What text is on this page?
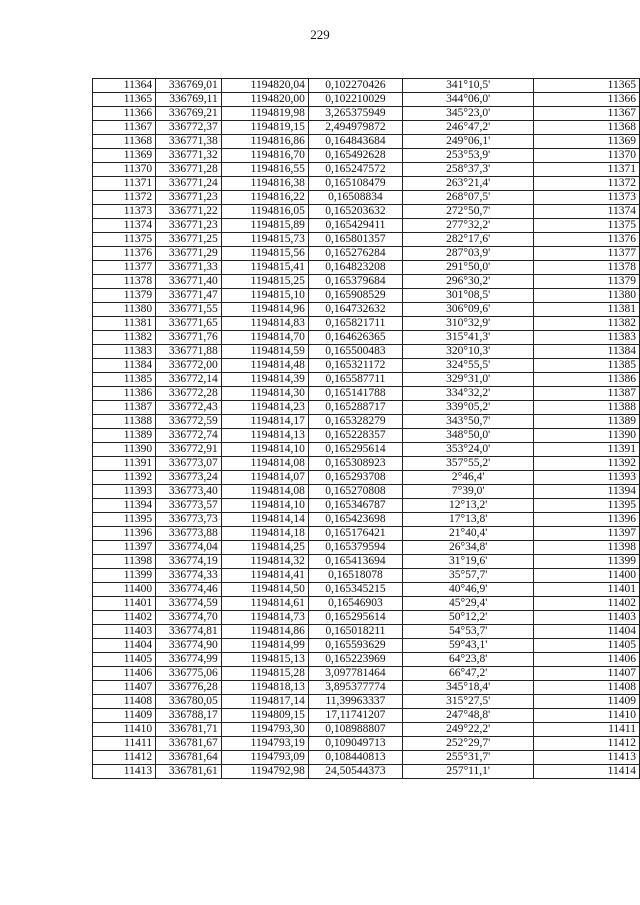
229
11364	336769,01	1194820,04	0,102270426	341°10,5'	11365
11365	336769,11	1194820,00	0,102210029	344°06,0'	11366
11366	336769,21	1194819,98	3,265375949	345°23,0'	11367
11367	336772,37	1194819,15	2,494979872	246°47,2'	11368
11368	336771,38	1194816,86	0,164843684	249°06,1'	11369
11369	336771,32	1194816,70	0,165492628	253°53,9'	11370
11370	336771,28	1194816,55	0,165247572	258°37,3'	11371
11371	336771,24	1194816,38	0,165108479	263°21,4'	11372
11372	336771,23	1194816,22	0,16508834	268°07,5'	11373
11373	336771,22	1194816,05	0,165203632	272°50,7'	11374
11374	336771,23	1194815,89	0,165429411	277°32,2'	11375
11375	336771,25	1194815,73	0,165801357	282°17,6'	11376
11376	336771,29	1194815,56	0,165276284	287°03,9'	11377
11377	336771,33	1194815,41	0,164823208	291°50,0'	11378
11378	336771,40	1194815,25	0,165379684	296°30,2'	11379
11379	336771,47	1194815,10	0,165908529	301°08,5'	11380
11380	336771,55	1194814,96	0,164732632	306°09,6'	11381
11381	336771,65	1194814,83	0,165821711	310°32,9'	11382
11382	336771,76	1194814,70	0,164626365	315°41,3'	11383
11383	336771,88	1194814,59	0,165500483	320°10,3'	11384
11384	336772,00	1194814,48	0,165321172	324°55,5'	11385
11385	336772,14	1194814,39	0,165587711	329°31,0'	11386
11386	336772,28	1194814,30	0,165141788	334°32,2'	11387
11387	336772,43	1194814,23	0,165288717	339°05,2'	11388
11388	336772,59	1194814,17	0,165328279	343°50,7'	11389
11389	336772,74	1194814,13	0,165228357	348°50,0'	11390
11390	336772,91	1194814,10	0,165295614	353°24,0'	11391
11391	336773,07	1194814,08	0,165308923	357°55,2'	11392
11392	336773,24	1194814,07	0,165293708	2°46,4'	11393
11393	336773,40	1194814,08	0,165270808	7°39,0'	11394
11394	336773,57	1194814,10	0,165346787	12°13,2'	11395
11395	336773,73	1194814,14	0,165423698	17°13,8'	11396
11396	336773,88	1194814,18	0,165176421	21°40,4'	11397
11397	336774,04	1194814,25	0,165379594	26°34,8'	11398
11398	336774,19	1194814,32	0,165413694	31°19,6'	11399
11399	336774,33	1194814,41	0,16518078	35°57,7'	11400
11400	336774,46	1194814,50	0,165345215	40°46,9'	11401
11401	336774,59	1194814,61	0,16546903	45°29,4'	11402
11402	336774,70	1194814,73	0,165295614	50°12,2'	11403
11403	336774,81	1194814,86	0,165018211	54°53,7'	11404
11404	336774,90	1194814,99	0,165593629	59°43,1'	11405
11405	336774,99	1194815,13	0,165223969	64°23,8'	11406
11406	336775,06	1194815,28	3,097781464	66°47,2'	11407
11407	336776,28	1194818,13	3,895377774	345°18,4'	11408
11408	336780,05	1194817,14	11,39963337	315°27,5'	11409
11409	336788,17	1194809,15	17,11741207	247°48,8'	11410
11410	336781,71	1194793,30	0,108988807	249°22,2'	11411
11411	336781,67	1194793,19	0,109049713	252°29,7'	11412
11412	336781,64	1194793,09	0,108440813	255°31,7'	11413
11413	336781,61	1194792,98	24,50544373	257°11,1'	11414
